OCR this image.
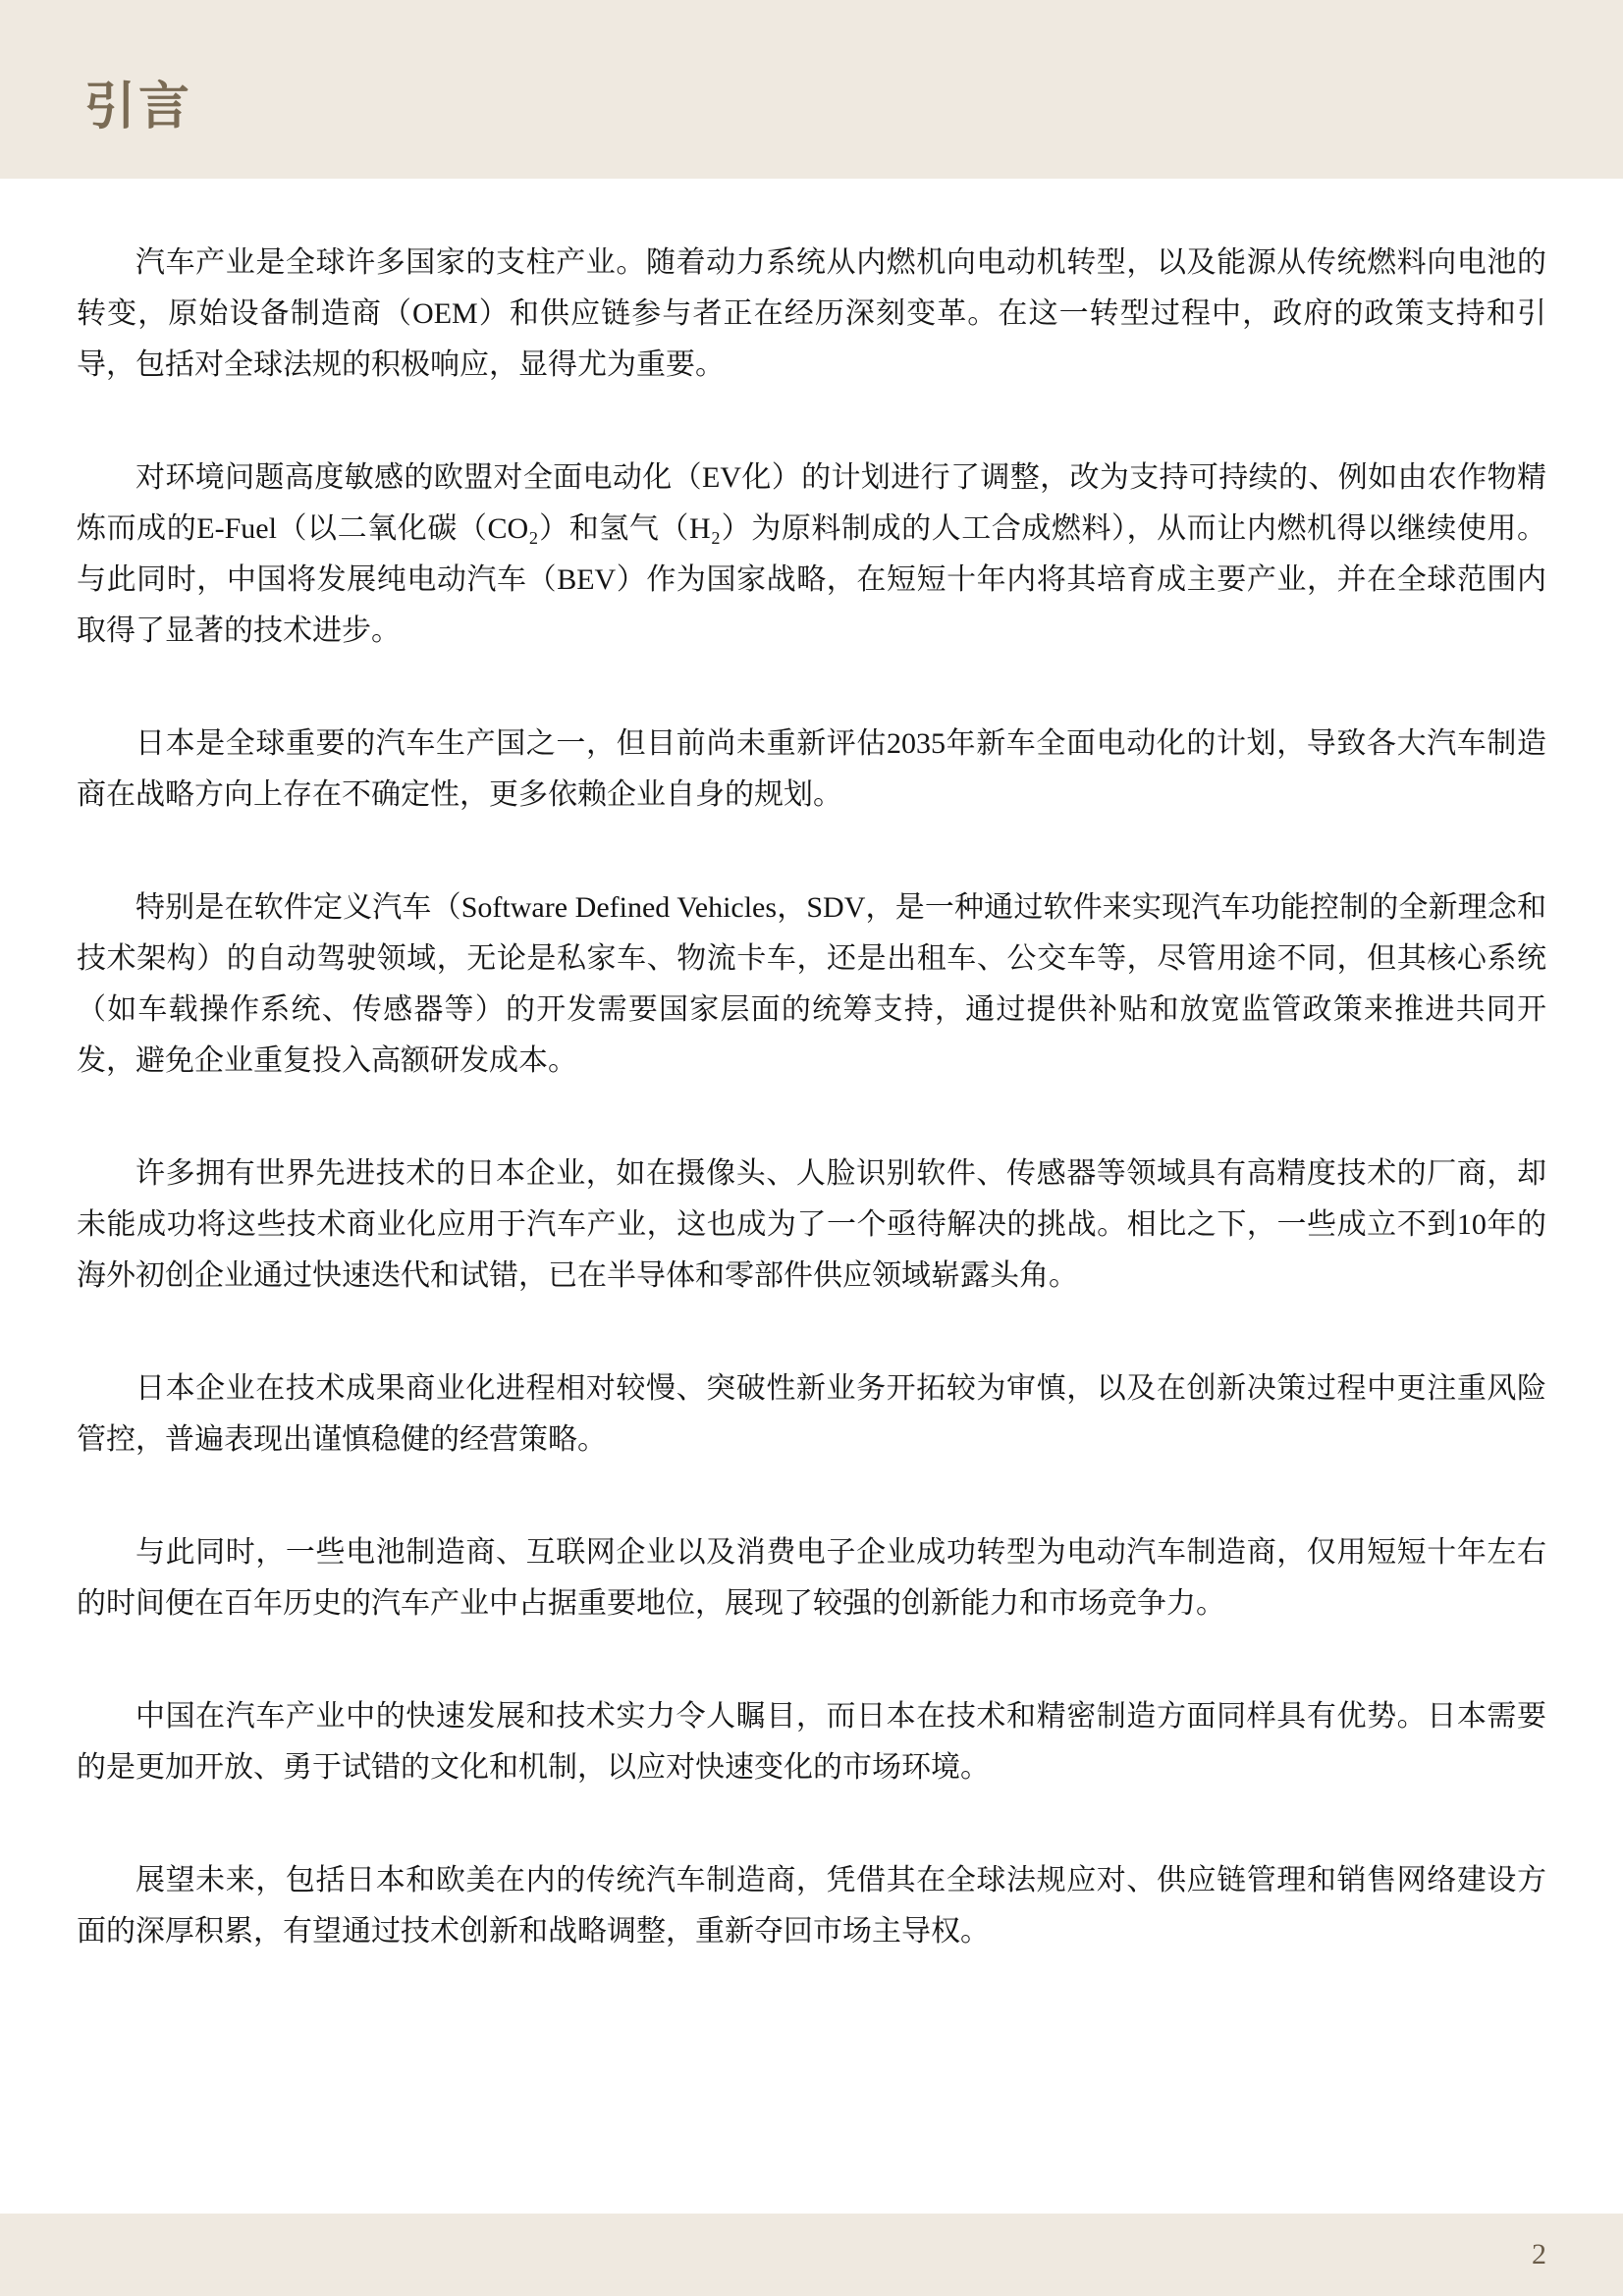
引言

汽车产业是全球许多国家的支柱产业。随着动力系统从内燃机向电动机转型，以及能源从传统燃料向电池的转变，原始设备制造商（OEM）和供应链参与者正在经历深刻变革。在这一转型过程中，政府的政策支持和引导，包括对全球法规的积极响应，显得尤为重要。

对环境问题高度敏感的欧盟对全面电动化（EV化）的计划进行了调整，改为支持可持续的、例如由农作物精炼而成的E-Fuel（以二氧化碳（CO₂）和氢气（H₂）为原料制成的人工合成燃料），从而让内燃机得以继续使用。与此同时，中国将发展纯电动汽车（BEV）作为国家战略，在短短十年内将其培育成主要产业，并在全球范围内取得了显著的技术进步。

日本是全球重要的汽车生产国之一，但目前尚未重新评估2035年新车全面电动化的计划，导致各大汽车制造商在战略方向上存在不确定性，更多依赖企业自身的规划。

特别是在软件定义汽车（Software Defined Vehicles，SDV，是一种通过软件来实现汽车功能控制的全新理念和技术架构）的自动驾驶领域，无论是私家车、物流卡车，还是出租车、公交车等，尽管用途不同，但其核心系统（如车载操作系统、传感器等）的开发需要国家层面的统筹支持，通过提供补贴和放宽监管政策来推进共同开发，避免企业重复投入高额研发成本。

许多拥有世界先进技术的日本企业，如在摄像头、人脸识别软件、传感器等领域具有高精度技术的厂商，却未能成功将这些技术商业化应用于汽车产业，这也成为了一个亟待解决的挑战。相比之下，一些成立不到10年的海外初创企业通过快速迭代和试错，已在半导体和零部件供应领域崭露头角。

日本企业在技术成果商业化进程相对较慢、突破性新业务开拓较为审慎，以及在创新决策过程中更注重风险管控，普遍表现出谨慎稳健的经营策略。

与此同时，一些电池制造商、互联网企业以及消费电子企业成功转型为电动汽车制造商，仅用短短十年左右的时间便在百年历史的汽车产业中占据重要地位，展现了较强的创新能力和市场竞争力。

中国在汽车产业中的快速发展和技术实力令人瞩目，而日本在技术和精密制造方面同样具有优势。日本需要的是更加开放、勇于试错的文化和机制，以应对快速变化的市场环境。

展望未来，包括日本和欧美在内的传统汽车制造商，凭借其在全球法规应对、供应链管理和销售网络建设方面的深厚积累，有望通过技术创新和战略调整，重新夺回市场主导权。

2
